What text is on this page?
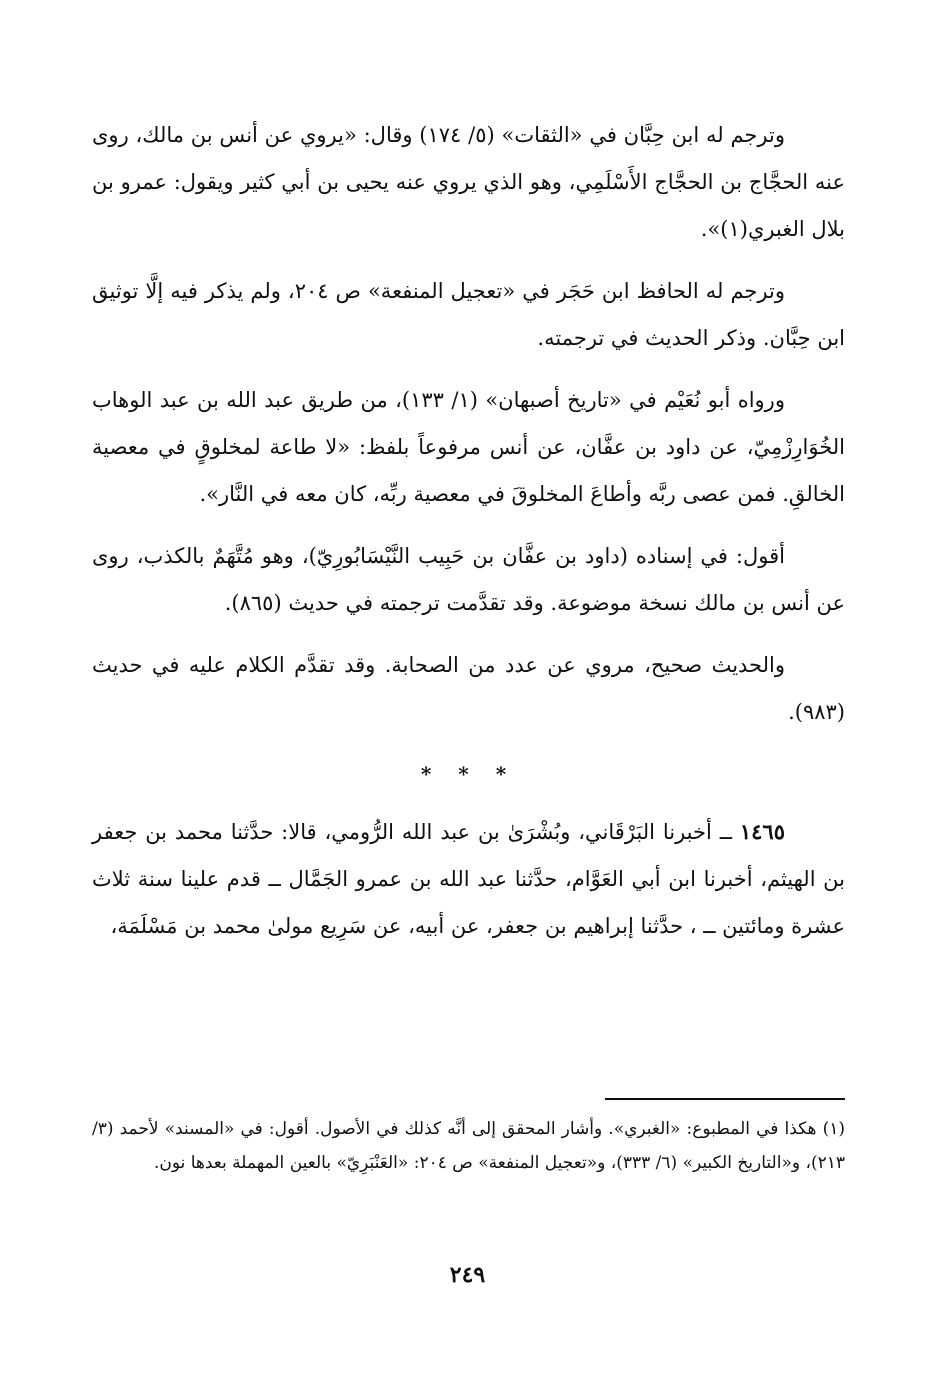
وترجم له ابن حِبَّان في «الثقات» (٥/ ١٧٤) وقال: «يروي عن أنس بن مالك، روى عنه الحجَّاج بن الحجَّاج الأَسْلَمِي، وهو الذي يروي عنه يحيى بن أبي كثير ويقول: عمرو بن بلال الغبري(١)».

وترجم له الحافظ ابن حَجَر في «تعجيل المنفعة» ص ٢٠٤، ولم يذكر فيه إلَّا توثيق ابن حِبَّان. وذكر الحديث في ترجمته.

ورواه أبو نُعَيْم في «تاريخ أصبهان» (١/ ١٣٣)، من طريق عبد الله بن عبد الوهاب الخُوَارِزْمِيّ، عن داود بن عفَّان، عن أنس مرفوعاً بلفظ: «لا طاعة لمخلوقٍ في معصية الخالقِ. فمن عصى ربَّه وأطاعَ المخلوقَ في معصية ربِّه، كان معه في النَّار».

أقول: في إسناده (داود بن عفَّان بن حَبِيب النَّيْسَابُورِيّ)، وهو مُتَّهَمٌ بالكذب، روى عن أنس بن مالك نسخة موضوعة. وقد تقدَّمت ترجمته في حديث (٨٦٥).

والحديث صحيح، مروي عن عدد من الصحابة. وقد تقدَّم الكلام عليه في حديث (٩٨٣).

* * *

١٤٦٥ ــ أخبرنا البَرْقَاني، وبُشْرَىٰ بن عبد الله الرُّومي، قالا: حدَّثنا محمد بن جعفر بن الهيثم، أخبرنا ابن أبي العَوَّام، حدَّثنا عبد الله بن عمرو الجَمَّال ــ قدم علينا سنة ثلاث عشرة ومائتين ــ ، حدَّثنا إبراهيم بن جعفر، عن أبيه، عن سَرِيع مولىٰ محمد بن مَسْلَمَة،

(١) هكذا في المطبوع: «الغبري». وأشار المحقق إلى أنَّه كذلك في الأصول. أقول: في «المسند» لأحمد (٣/ ٢١٣)، و«التاريخ الكبير» (٦/ ٣٣٣)، و«تعجيل المنفعة» ص ٢٠٤: «العَنْبَرِيّ» بالعين المهملة بعدها نون.

٢٤٩
